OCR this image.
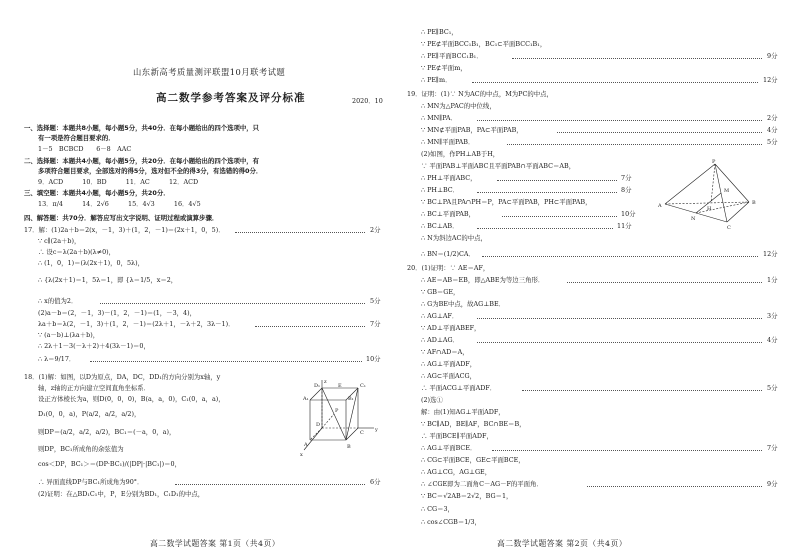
山东新高考质量测评联盟10月联考试题
高二数学参考答案及评分标准	2020．10
一、选择题：本题共8小题，每小题5分，共40分．在每小题给出的四个选项中，只
有一项是符合题目要求的．
1－5　BCBCD　　6－8　AAC
二、选择题：本题共4小题，每小题5分，共20分．在每小题给出的四个选项中，有
多项符合题目要求，全部选对的得5分，选对但不全的得3分，有选错的得0分．
9．ACD　　　10．BD　　　11．AC　　　12．ACD
三、填空题：本题共4小题，每小题5分，共20分．
13．π/4　　　14．2√6　　　15．4√3　　　16．4√5
四、解答题：共70分．解答应写出文字说明、证明过程或演算步骤．
17．解：(1)2a＋b＝2(x，－1，3)＋(1，2，－1)＝(2x＋1，0，5)．	2分
∵ c∥(2a＋b)，
∴ 设c＝λ(2a＋b)(λ≠0)，
∴ (1，0，1)＝(λ(2x＋1)，0，5λ)，
∴ {λ(2x＋1)＝1，5λ＝1，即 {λ＝1/5，x＝2，
∴ x的值为2．	5分
(2)a－b＝(2，－1，3)－(1，2，－1)＝(1，－3，4)，
λa＋b＝λ(2，－1，3)＋(1，2，－1)＝(2λ＋1，－λ＋2，3λ－1)．	7分
∵ (a－b)⊥(λa＋b)，
∴ 2λ＋1－3(－λ＋2)＋4(3λ－1)＝0，
∴ λ＝9/17．	10分
18．(1)解：如图，以D为原点，DA，DC，DD₁的方向分别为x轴，y
轴，z轴的正方向建立空间直角坐标系．
设正方体棱长为a，则D(0，0，0)，B(a，a，0)，C₁(0，a，a)，
D₁(0，0，a)，P(a/2，a/2，a/2)，
则DP＝(a/2，a/2，a/2)，BC₁＝(－a，0，a)，
则DP，BC₁所成角的余弦值为
cos＜DP，BC₁＞＝(DP·BC₁)/(|DP|·|BC₁|)＝0，
∴ 异面直线DP与BC₁所成角为90°．	6分
(2)证明：在△BD₁C₁中，P，E分别为BD₁，C₁D₁的中点，
D₁	C₁
A₁	B₁
E
P
D
C
A	B
x
y
z
高二数学试题答案 第1页（共4页）
∴ PE∥BC₁，
∵ PE⊄平面BCC₁B₁，BC₁⊂平面BCC₁B₁，
∴ PE∥平面BCC₁B₁．	9分
∵ PE⊄平面m，
∴ PE∥m．	12分
19．证明：(1)∵ N为AC的中点，M为PC的中点，
∴ MN为△PAC的中位线，
∴ MN∥PA．	2分
∵ MN⊄平面PAB，PA⊂平面PAB，	4分
∴ MN∥平面PAB．	5分
(2)如图，作PH⊥AB于H，
∵ 平面PAB⊥平面ABC且平面PAB∩平面ABC＝AB，
∴ PH⊥平面ABC，	7分
∴ PH⊥BC．	8分
∵ BC⊥PA且PA∩PH＝P，PA⊂平面PAB，PH⊂平面PAB，
∴ BC⊥平面PAB，	10分
∴ BC⊥AB．	11分
∴ N为斜边AC的中点，
∴ BN＝(1/2)CA．	12分
P
M
A	H
B
N
C
20．(1)证明：∵ AE＝AF，
∴ AE＝AB＝EB，即△ABE为等边三角形．	1分
∵ GB＝GE，
∴ G为BE中点，故AG⊥BE．
∴ AG⊥AF．	3分
∵ AD⊥平面ABEF，
∴ AD⊥AG．	4分
∵ AF∩AD＝A，
∴ AG⊥平面ADF，
∴ AG⊂平面ACG，
∴ 平面ACG⊥平面ADF．	5分
(2)选①
解：由(1)知AG⊥平面ADF，
∵ BC∥AD，BE∥AF，BC∩BE＝B，
∴ 平面BCE∥平面ADF，
∴ AG⊥平面BCE．	7分
∴ CG⊂平面BCE，GE⊂平面BCE，
∴ AG⊥CG，AG⊥GE，
∴ ∠CGE即为二面角C－AG－F的平面角．	9分
∵ BC＝√2AB＝2√2，BG＝1，
∴ CG＝3，
∴ cos∠CGB＝1/3，
高二数学试题答案 第2页（共4页）
